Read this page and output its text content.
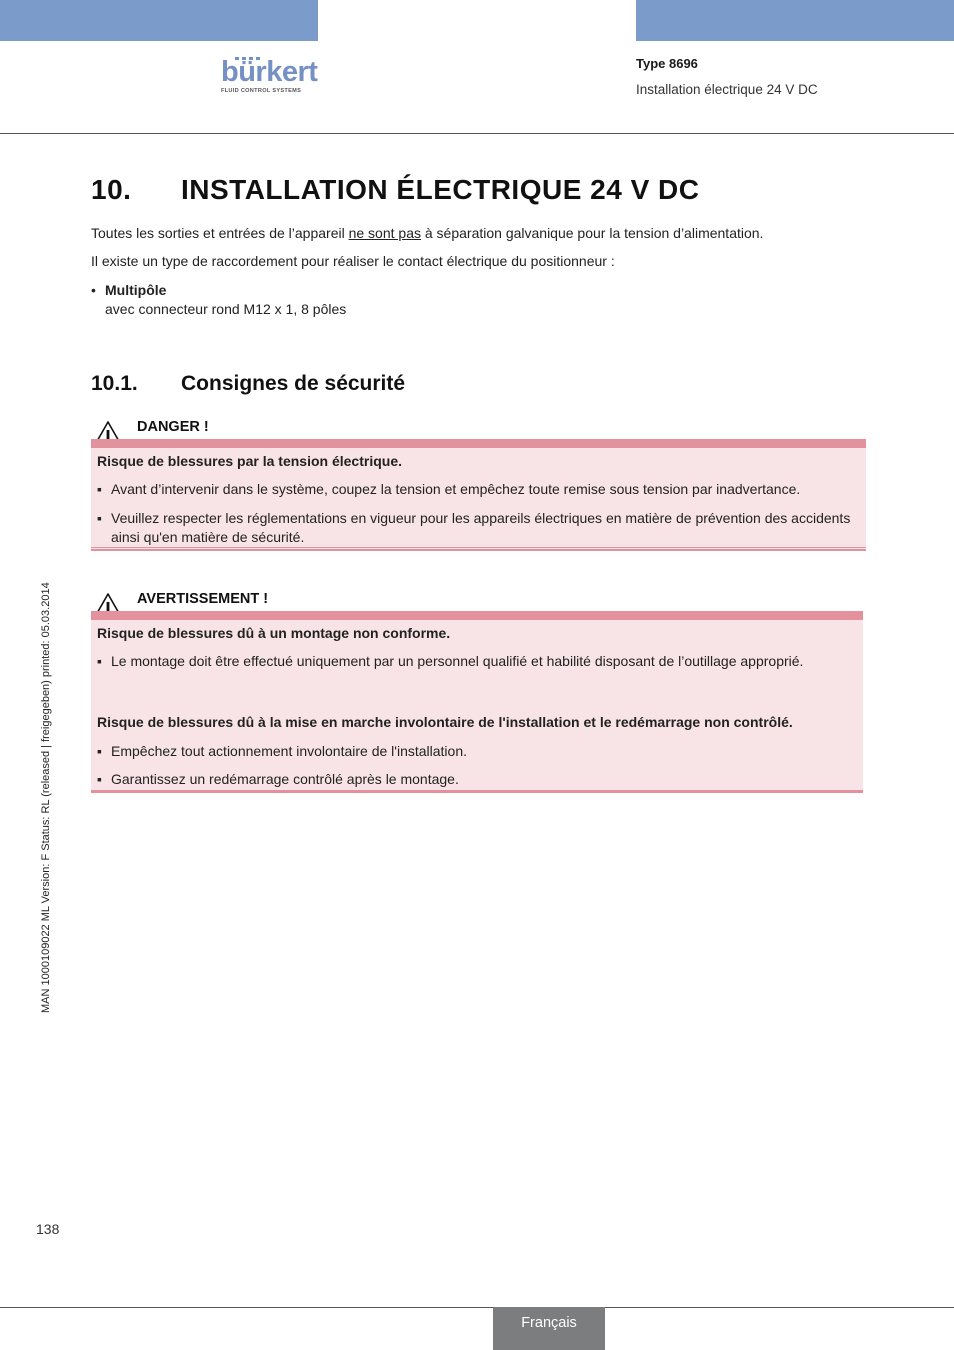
bürkert
FLUID CONTROL SYSTEMS
Type 8696
Installation électrique 24 V DC
10. INSTALLATION ÉLECTRIQUE 24 V DC

Toutes les sorties et entrées de l’appareil ne sont pas à séparation galvanique pour la tension d’alimentation.

Il existe un type de raccordement pour réaliser le contact électrique du positionneur :

• Multipôle
avec connecteur rond M12 x 1, 8 pôles
10.1. Consignes de sécurité
DANGER !
Risque de blessures par la tension électrique.
▪ Avant d’intervenir dans le système, coupez la tension et empêchez toute remise sous tension par inadvertance.
▪ Veuillez respecter les réglementations en vigueur pour les appareils électriques en matière de prévention des accidents ainsi qu'en matière de sécurité.
AVERTISSEMENT !
Risque de blessures dû à un montage non conforme.
▪ Le montage doit être effectué uniquement par un personnel qualifié et habilité disposant de l’outillage approprié.
Risque de blessures dû à la mise en marche involontaire de l'installation et le redémarrage non contrôlé.
▪ Empêchez tout actionnement involontaire de l'installation.
▪ Garantissez un redémarrage contrôlé après le montage.
MAN 1000109022 ML Version: F Status: RL (released | freigegeben) printed: 05.03.2014
138
Français
